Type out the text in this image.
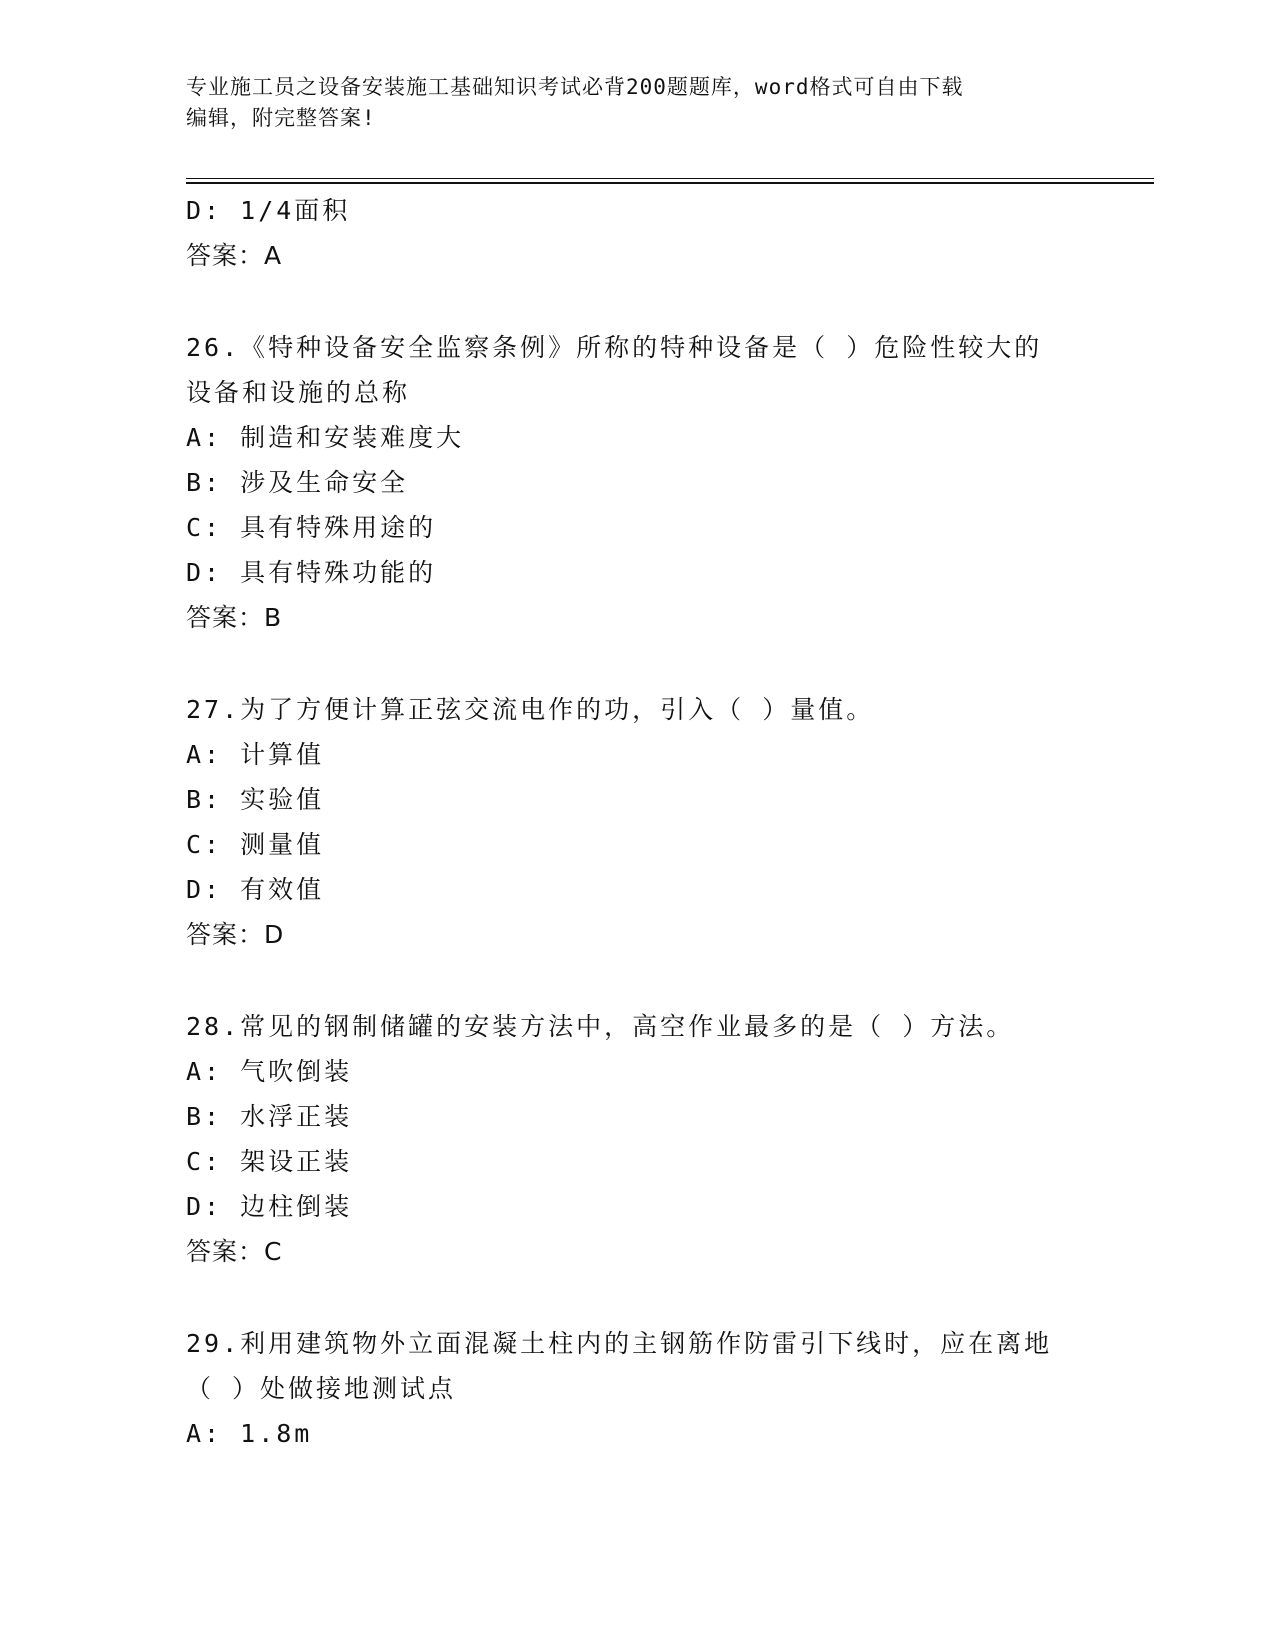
专业施工员之设备安装施工基础知识考试必背200题题库，word格式可自由下载
编辑，附完整答案!
D: 1/4面积
答案：A
26.《特种设备安全监察条例》所称的特种设备是（ ）危险性较大的
设备和设施的总称
A: 制造和安装难度大
B: 涉及生命安全
C: 具有特殊用途的
D: 具有特殊功能的
答案：B
27.为了方便计算正弦交流电作的功，引入（ ）量值。
A: 计算值
B: 实验值
C: 测量值
D: 有效值
答案：D
28.常见的钢制储罐的安装方法中，高空作业最多的是（ ）方法。
A: 气吹倒装
B: 水浮正装
C: 架设正装
D: 边柱倒装
答案：C
29.利用建筑物外立面混凝土柱内的主钢筋作防雷引下线时，应在离地
（ ）处做接地测试点
A: 1.8m
